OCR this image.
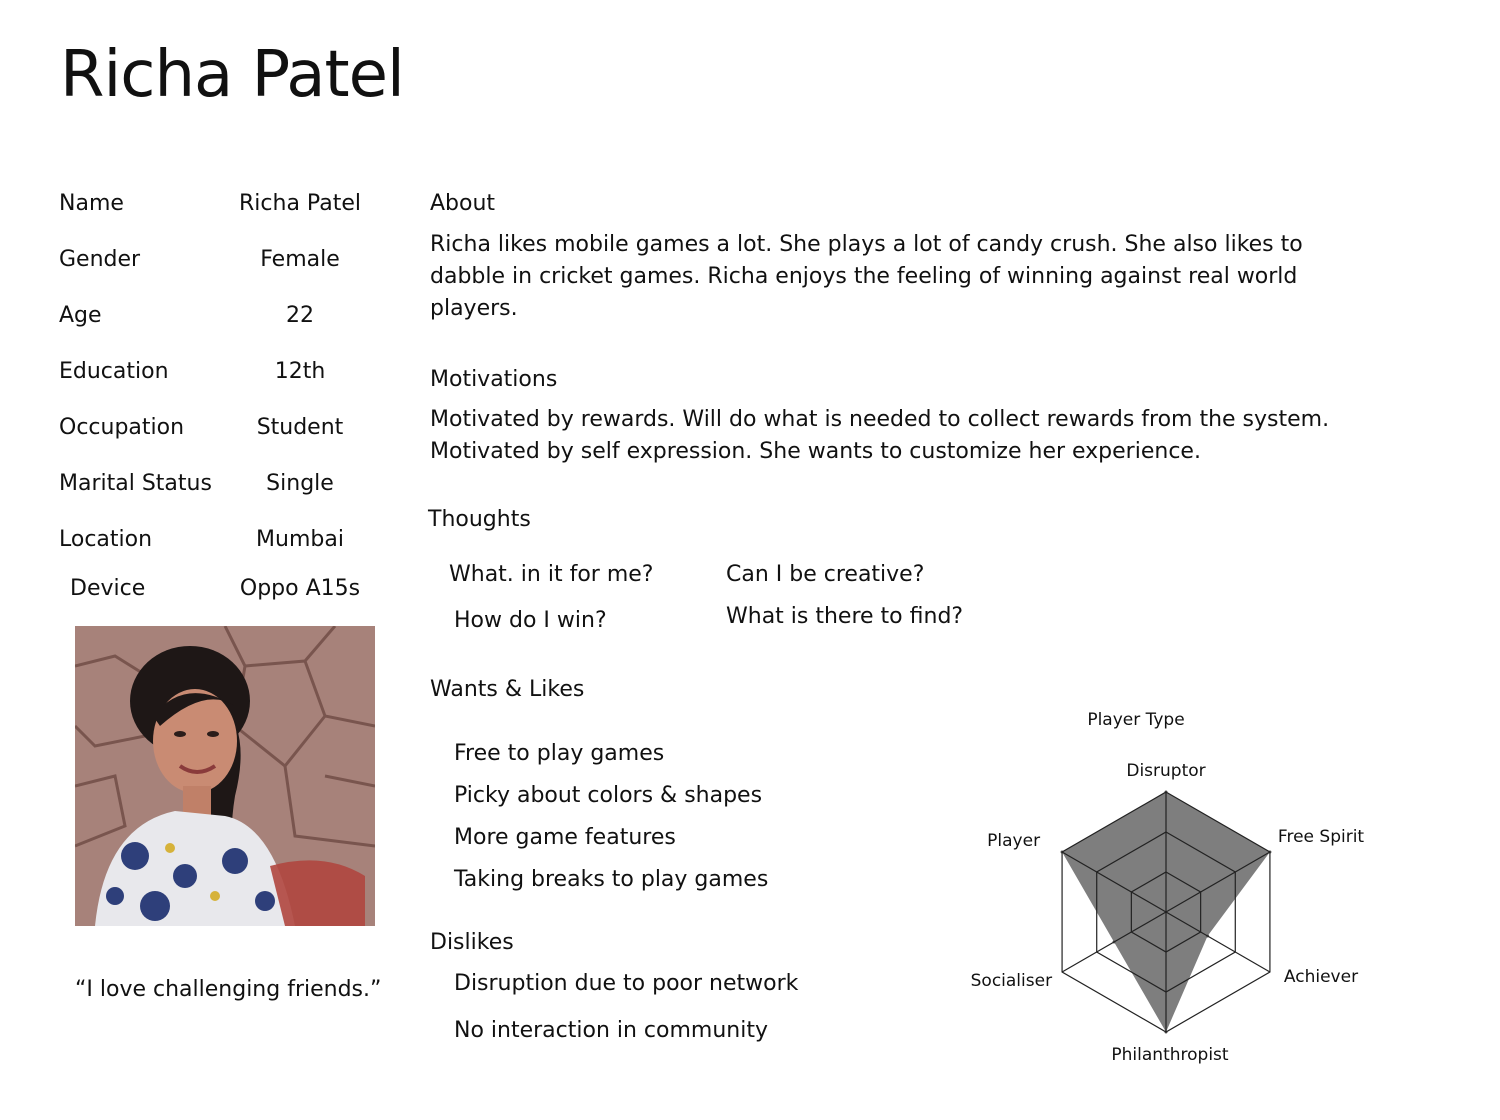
Richa Patel
Name	Richa Patel
Gender	Female
Age	22
Education	12th
Occupation	Student
Marital Status	Single
Location	Mumbai
Device	Oppo A15s
“I love challenging friends.”
About
Richa likes mobile games a lot. She plays a lot of candy crush. She also likes to dabble in cricket games. Richa enjoys the feeling of winning against real world players.
Motivations
Motivated by rewards. Will do what is needed to collect rewards from the system.
Motivated by self expression. She wants to customize her experience.
Thoughts
What. in it for me?
How do I win?
Can I be creative?
What is there to find?
Wants & Likes
Free to play games
Picky about colors & shapes
More game features
Taking breaks to play games
Dislikes
Disruption due to poor network
No interaction in community
Player Type
Disruptor
Free Spirit
Achiever
Philanthropist
Socialiser
Player
